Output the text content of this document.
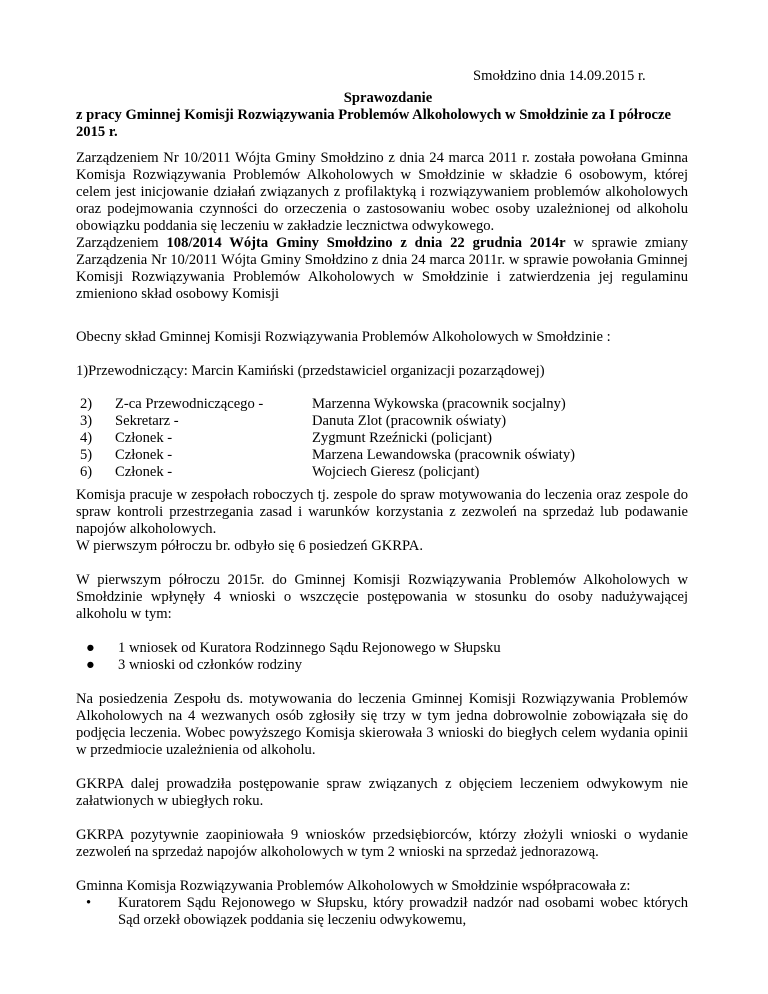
Smołdzino dnia 14.09.2015 r.
Sprawozdanie

z pracy Gminnej Komisji Rozwiązywania Problemów Alkoholowych w Smołdzinie za I półrocze 2015 r.

Zarządzeniem Nr 10/2011 Wójta Gminy Smołdzino z dnia 24 marca 2011 r. została powołana Gminna Komisja Rozwiązywania Problemów Alkoholowych w Smołdzinie w składzie 6 osobowym, której celem jest inicjowanie działań związanych z profilaktyką i rozwiązywaniem problemów alkoholowych oraz podejmowania czynności do orzeczenia o zastosowaniu wobec osoby uzależnionej od alkoholu obowiązku poddania się leczeniu w zakładzie lecznictwa odwykowego.
Zarządzeniem 108/2014 Wójta Gminy Smołdzino z dnia 22 grudnia 2014r w sprawie zmiany Zarządzenia Nr 10/2011 Wójta Gminy Smołdzino z dnia 24 marca 2011r. w sprawie powołania Gminnej Komisji Rozwiązywania Problemów Alkoholowych w Smołdzinie i zatwierdzenia jej regulaminu zmieniono skład osobowy Komisji

Obecny skład Gminnej Komisji Rozwiązywania Problemów Alkoholowych w Smołdzinie :

1)Przewodniczący: Marcin Kamiński (przedstawiciel organizacji pozarządowej)

2) Z-ca Przewodniczącego -	Marzenna Wykowska (pracownik socjalny)
3) Sekretarz -	Danuta Zlot (pracownik oświaty)
4) Członek -	Zygmunt Rzeźnicki (policjant)
5) Członek -	Marzena Lewandowska (pracownik oświaty)
6) Członek -	Wojciech Gieresz (policjant)

Komisja pracuje w zespołach roboczych tj. zespole do spraw motywowania do leczenia oraz zespole do spraw kontroli przestrzegania zasad i warunków korzystania z zezwoleń na sprzedaż lub podawanie napojów alkoholowych.

W pierwszym półroczu br. odbyło się 6 posiedzeń GKRPA.

W pierwszym półroczu 2015r. do Gminnej Komisji Rozwiązywania Problemów Alkoholowych w Smołdzinie wpłynęły 4 wnioski o wszczęcie postępowania w stosunku do osoby nadużywającej alkoholu w tym:

● 1 wniosek od Kuratora Rodzinnego Sądu Rejonowego w Słupsku
● 3 wnioski od członków rodziny

Na posiedzenia Zespołu ds. motywowania do leczenia Gminnej Komisji Rozwiązywania Problemów Alkoholowych na 4 wezwanych osób zgłosiły się trzy w tym jedna dobrowolnie zobowiązała się do podjęcia leczenia. Wobec powyższego Komisja skierowała 3 wnioski do biegłych celem wydania opinii w przedmiocie uzależnienia od alkoholu.

GKRPA dalej prowadziła postępowanie spraw związanych z objęciem leczeniem odwykowym nie załatwionych w ubiegłych roku.

GKRPA pozytywnie zaopiniowała 9 wniosków przedsiębiorców, którzy złożyli wnioski o wydanie zezwoleń na sprzedaż napojów alkoholowych w tym 2 wnioski na sprzedaż jednorazową.

Gminna Komisja Rozwiązywania Problemów Alkoholowych w Smołdzinie współpracowała z:

• Kuratorem Sądu Rejonowego w Słupsku, który prowadził nadzór nad osobami wobec których Sąd orzekł obowiązek poddania się leczeniu odwykowemu,
